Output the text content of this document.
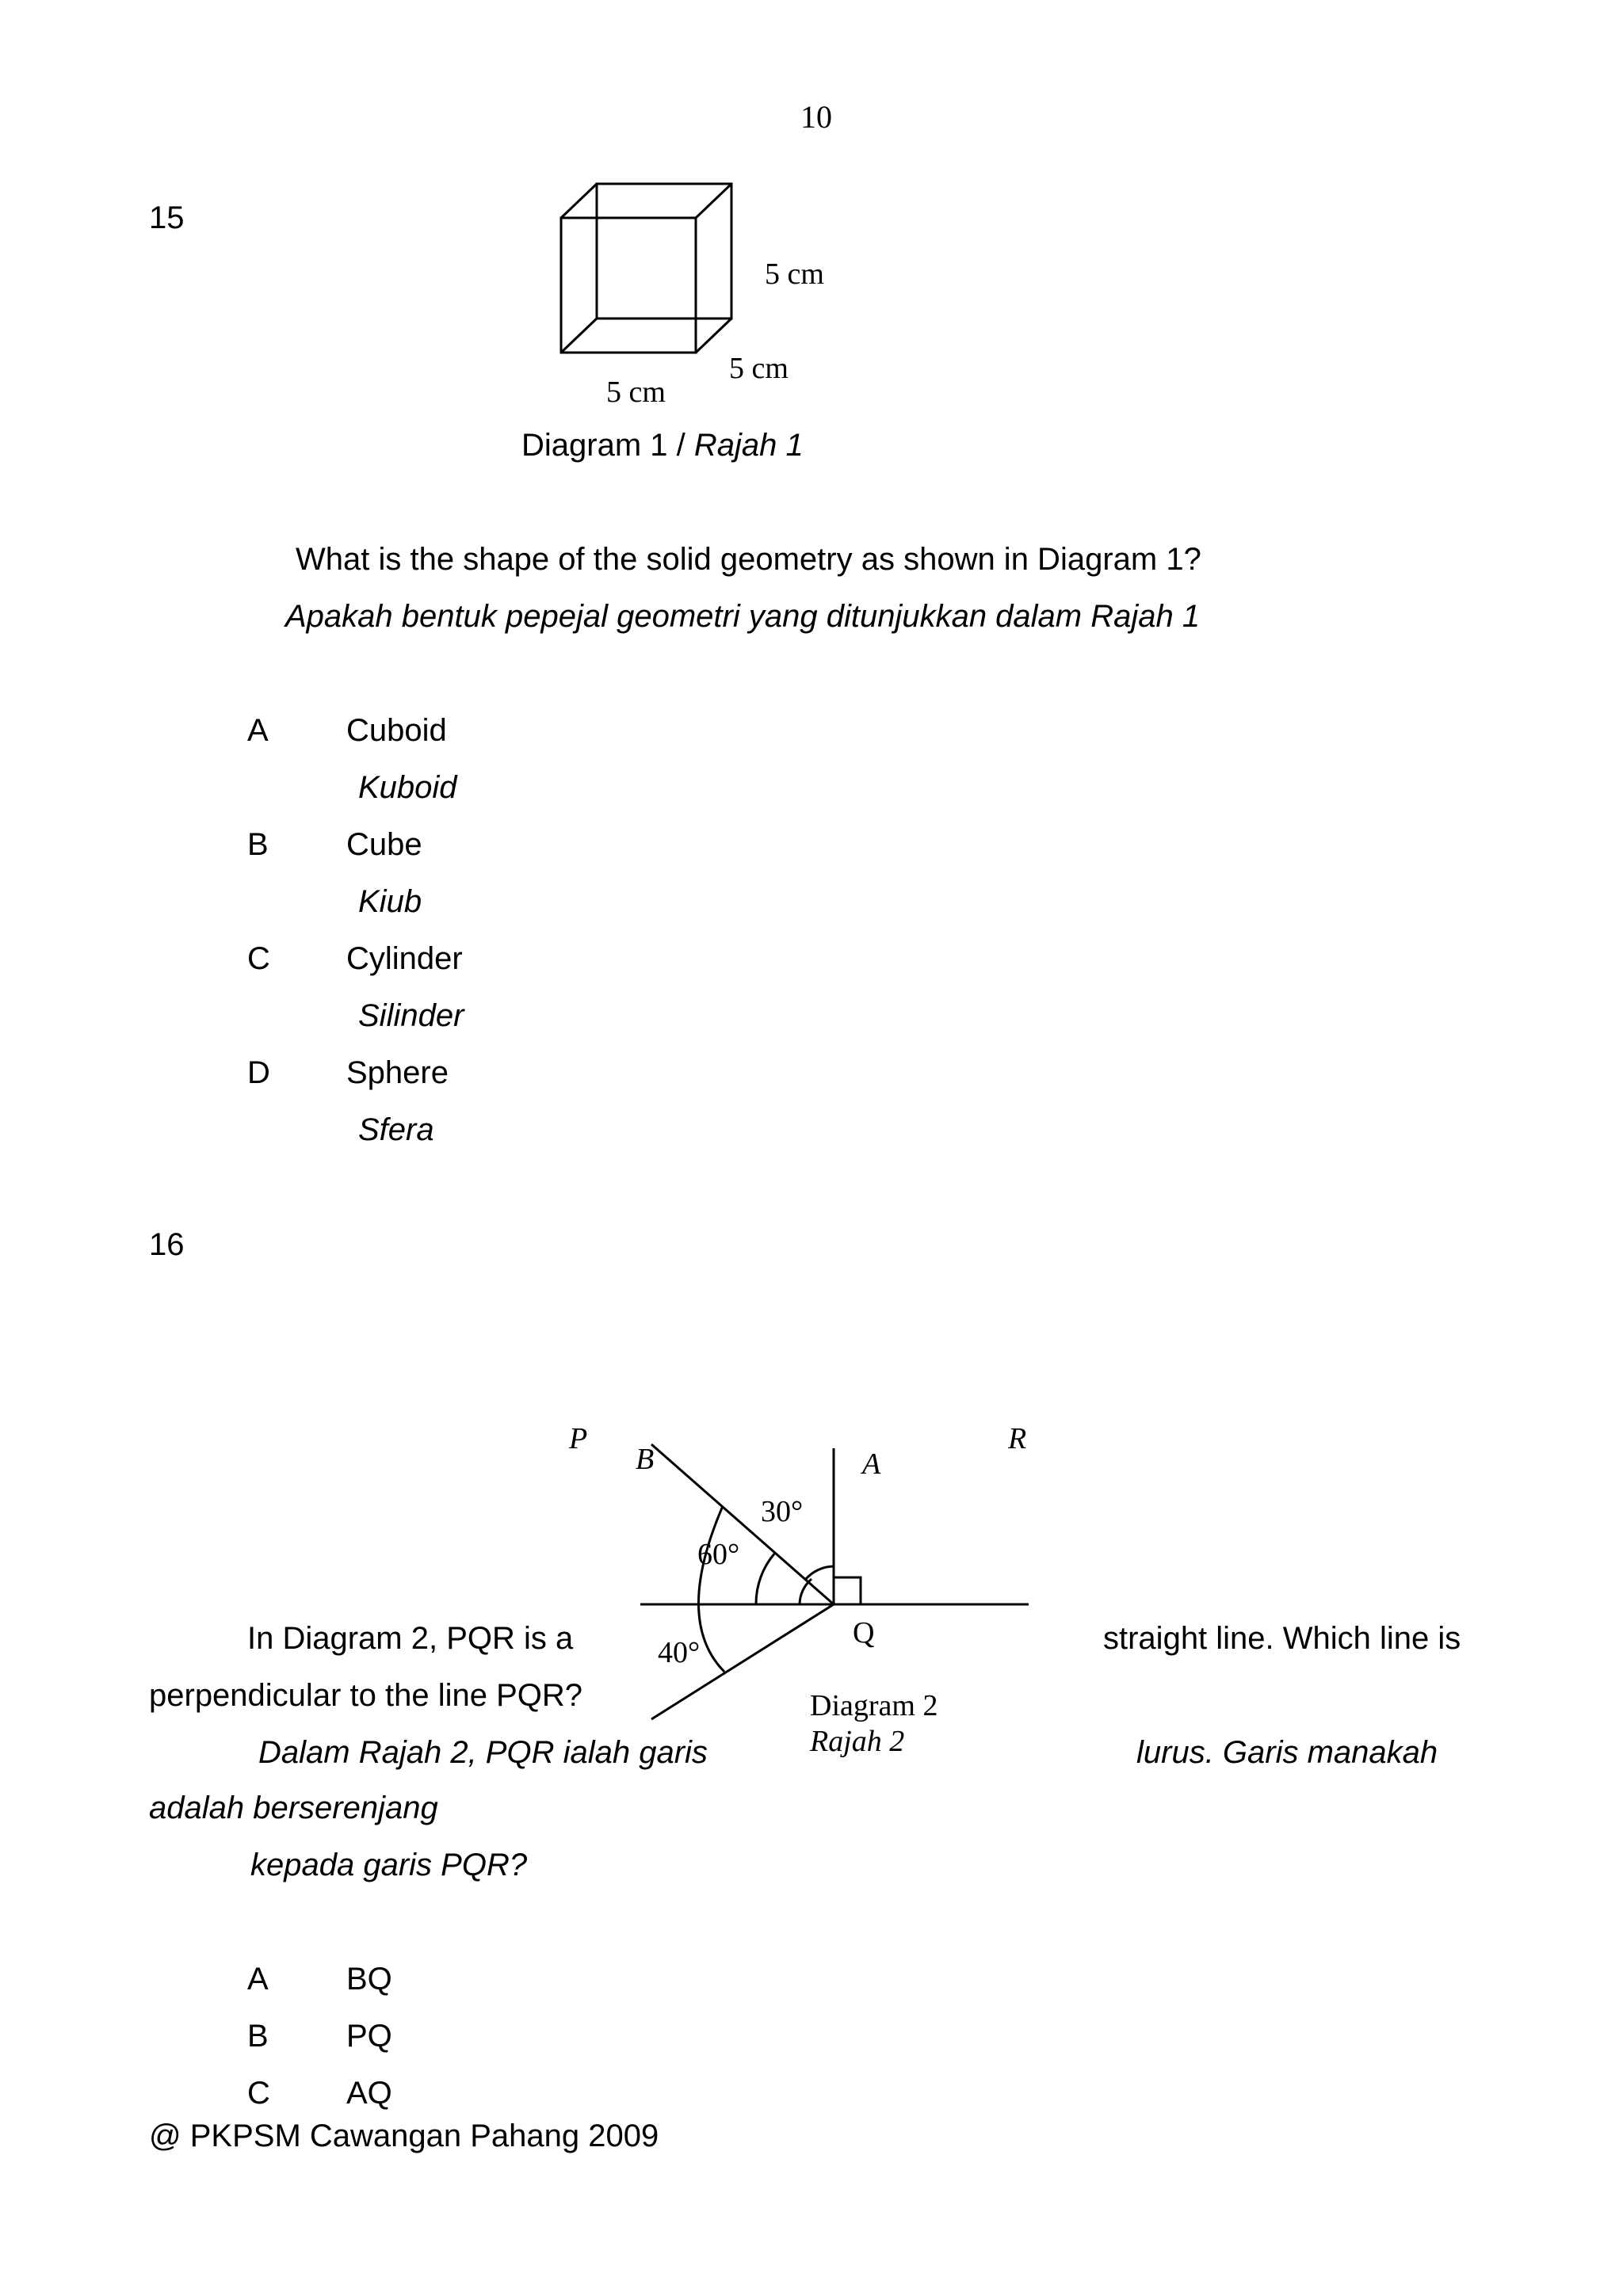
10
15
5 cm
5 cm
5 cm
Diagram 1 / Rajah 1
What is the shape of the solid geometry as shown in Diagram 1?
Apakah bentuk pepejal geometri yang ditunjukkan dalam Rajah 1
A Cuboid
Kuboid
B Cube
Kiub
C Cylinder
Silinder
D Sphere
Sfera
16
P
B	A
R
Q
30°
60°
40°
Diagram 2
Rajah 2
In Diagram 2, PQR is a	straight line. Which line is
perpendicular to the line PQR?
Dalam Rajah 2, PQR ialah garis	lurus. Garis manakah
adalah berserenjang
kepada garis PQR?
A BQ
B PQ
C AQ
@ PKPSM Cawangan Pahang 2009
